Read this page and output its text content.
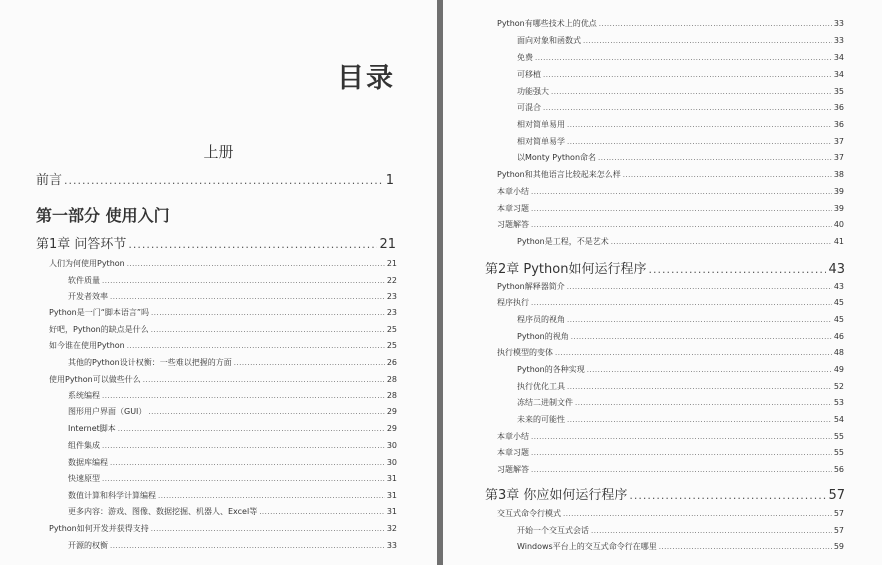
目录
上册
前言 .....	1
第一部分 使用入门
第1章 问答环节 .....	21
人们为何使用Python .....	21
软件质量 .....	22
开发者效率 .....	23
Python是一门“脚本语言”吗 .....	23
好吧，Python的缺点是什么 .....	25
如今谁在使用Python .....	25
其他的Python设计权衡：一些难以把握的方面 .....	26
使用Python可以做些什么 .....	28
系统编程 .....	28
图形用户界面（GUI） .....	29
Internet脚本 .....	29
组件集成 .....	30
数据库编程 .....	30
快速原型 .....	31
数值计算和科学计算编程 .....	31
更多内容：游戏、图像、数据挖掘、机器人、Excel等 .....	31
Python如何开发并获得支持 .....	32
开源的权衡 .....	33
Python有哪些技术上的优点 .....	33
面向对象和函数式 .....	33
免费 .....	34
可移植 .....	34
功能强大 .....	35
可混合 .....	36
相对简单易用 .....	36
相对简单易学 .....	37
以Monty Python命名 .....	37
Python和其他语言比较起来怎么样 .....	38
本章小结 .....	39
本章习题 .....	39
习题解答 .....	40
Python是工程，不是艺术 .....	41
第2章 Python如何运行程序 .....	43
Python解释器简介 .....	43
程序执行 .....	45
程序员的视角 .....	45
Python的视角 .....	46
执行模型的变体 .....	48
Python的各种实现 .....	49
执行优化工具 .....	52
冻结二进制文件 .....	53
未来的可能性 .....	54
本章小结 .....	55
本章习题 .....	55
习题解答 .....	56
第3章 你应如何运行程序 .....	57
交互式命令行模式 .....	57
开始一个交互式会话 .....	57
Windows平台上的交互式命令行在哪里 .....	59
